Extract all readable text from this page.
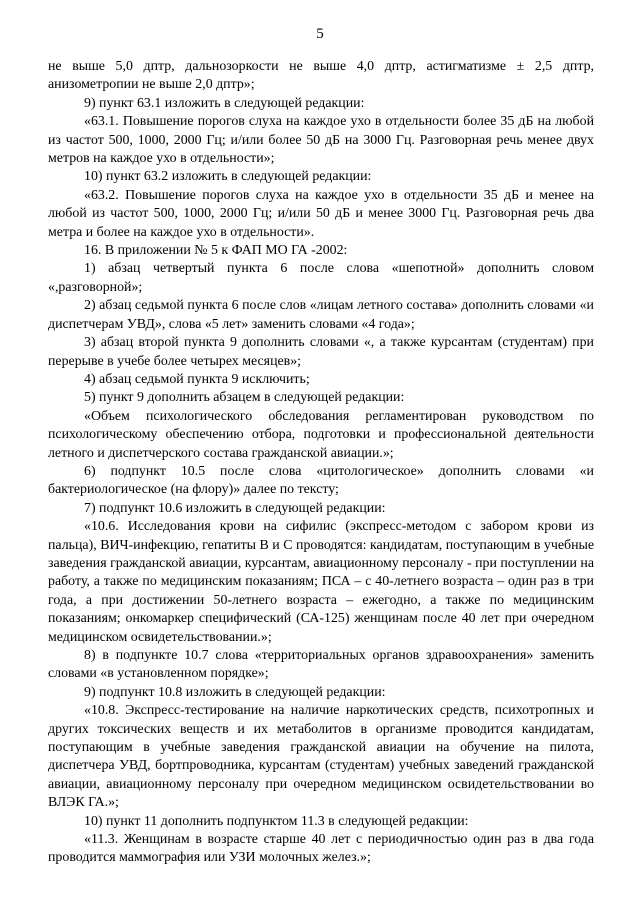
5

не выше 5,0 дптр, дальнозоркости не выше 4,0 дптр, астигматизме ± 2,5 дптр, анизометропии не выше 2,0 дптр»;

9) пункт 63.1 изложить в следующей редакции:

«63.1. Повышение порогов слуха на каждое ухо в отдельности более 35 дБ на любой из частот 500, 1000, 2000 Гц; и/или более 50 дБ на 3000 Гц. Разговорная речь менее двух метров на каждое ухо в отдельности»;

10) пункт 63.2 изложить в следующей редакции:

«63.2. Повышение порогов слуха на каждое ухо в отдельности 35 дБ и менее на любой из частот 500, 1000, 2000 Гц; и/или 50 дБ и менее 3000 Гц. Разговорная речь два метра и более на каждое ухо в отдельности».

16. В приложении № 5 к ФАП МО ГА -2002:

1) абзац четвертый пункта 6 после слова «шепотной» дополнить словом «,разговорной»;

2) абзац седьмой пункта 6 после слов «лицам летного состава» дополнить словами «и диспетчерам УВД», слова «5 лет» заменить словами «4 года»;

3) абзац второй пункта 9 дополнить словами «, а также курсантам (студентам) при перерыве в учебе более четырех месяцев»;

4) абзац седьмой пункта 9 исключить;

5) пункт 9 дополнить абзацем в следующей редакции:

«Объем психологического обследования регламентирован руководством по психологическому обеспечению отбора, подготовки и профессиональной деятельности летного и диспетчерского состава гражданской авиации.»;

6) подпункт 10.5 после слова «цитологическое» дополнить словами «и бактериологическое (на флору)» далее по тексту;

7) подпункт 10.6 изложить в следующей редакции:

«10.6. Исследования крови на сифилис (экспресс-методом с забором крови из пальца), ВИЧ-инфекцию, гепатиты В и С проводятся: кандидатам, поступающим в учебные заведения гражданской авиации, курсантам, авиационному персоналу - при поступлении на работу, а также по медицинским показаниям; ПСА – с 40-летнего возраста – один раз в три года, а при достижении 50-летнего возраста – ежегодно, а также по медицинским показаниям; онкомаркер специфический (СА-125) женщинам после 40 лет при очередном медицинском освидетельствовании.»;

8) в подпункте 10.7 слова «территориальных органов здравоохранения» заменить словами «в установленном порядке»;

9) подпункт 10.8 изложить в следующей редакции:

«10.8. Экспресс-тестирование на наличие наркотических средств, психотропных и других токсических веществ и их метаболитов в организме проводится кандидатам, поступающим в учебные заведения гражданской авиации на обучение на пилота, диспетчера УВД, бортпроводника, курсантам (студентам) учебных заведений гражданской авиации, авиационному персоналу при очередном медицинском освидетельствовании во ВЛЭК ГА.»;

10) пункт 11 дополнить подпунктом 11.3 в следующей редакции:

«11.3. Женщинам в возрасте старше 40 лет с периодичностью один раз в два года проводится маммография или УЗИ молочных желез.»;
